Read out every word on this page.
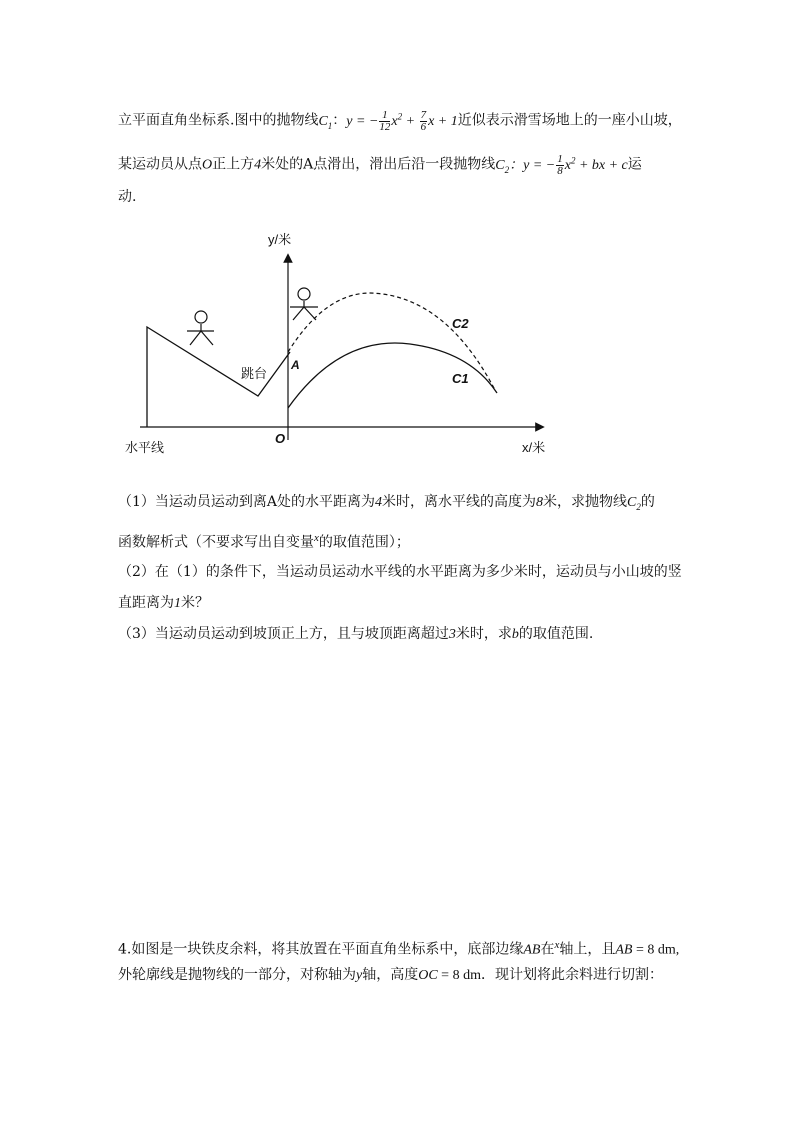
立平面直角坐标系.图中的抛物线$C_1$：y = − $\frac{1}{12} x^2 + \frac{7}{6}$ x + 1近似表示滑雪场地上的一座小山坡，
某运动员从点O正上方4米处的A点滑出，滑出后沿一段抛物线$C_2$：y = − $\frac{1}{8} x^2$ + bx + c运
动.
y/米
x/米
O
A
C2
C1
跳台
水平线
（1）当运动员运动到离A处的水平距离为4米时，离水平线的高度为8米，求抛物线$C_2$的
函数解析式（不要求写出自变量$^x$的取值范围）；
（2）在（1）的条件下，当运动员运动水平线的水平距离为多少米时，运动员与小山坡的竖
直距离为1米？
（3）当运动员运动到坡顶正上方，且与坡顶距离超过3米时，求b的取值范围.
4.如图是一块铁皮余料，将其放置在平面直角坐标系中，底部边缘AB在$^x$轴上，且AB = 8 dm,
外轮廓线是抛物线的一部分，对称轴为y轴，高度OC = 8 dm．现计划将此余料进行切割：
